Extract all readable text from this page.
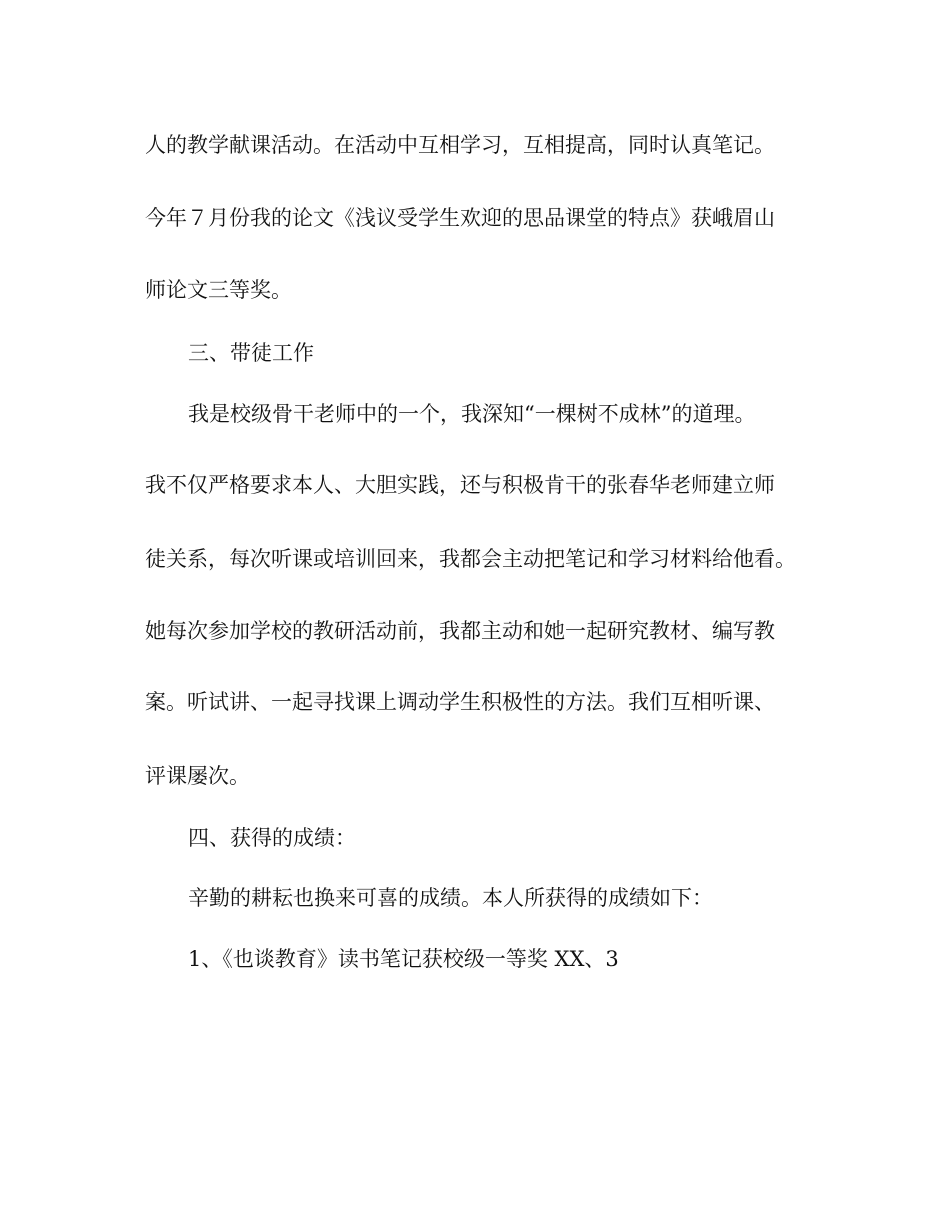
人的教学献课活动。在活动中互相学习，互相提高，同时认真笔记。
今年７月份我的论文《浅议受学生欢迎的思品课堂的特点》获峨眉山
师论文三等奖。
三、带徒工作
我是校级骨干老师中的一个，我深知“一棵树不成林”的道理。
我不仅严格要求本人、大胆实践，还与积极肯干的张春华老师建立师
徒关系，每次听课或培训回来，我都会主动把笔记和学习材料给他看。
她每次参加学校的教研活动前，我都主动和她一起研究教材、编写教
案。听试讲、一起寻找课上调动学生积极性的方法。我们互相听课、
评课屡次。
四、获得的成绩：
辛勤的耕耘也换来可喜的成绩。本人所获得的成绩如下：
1、《也谈教育》读书笔记获校级一等奖 XX、3
